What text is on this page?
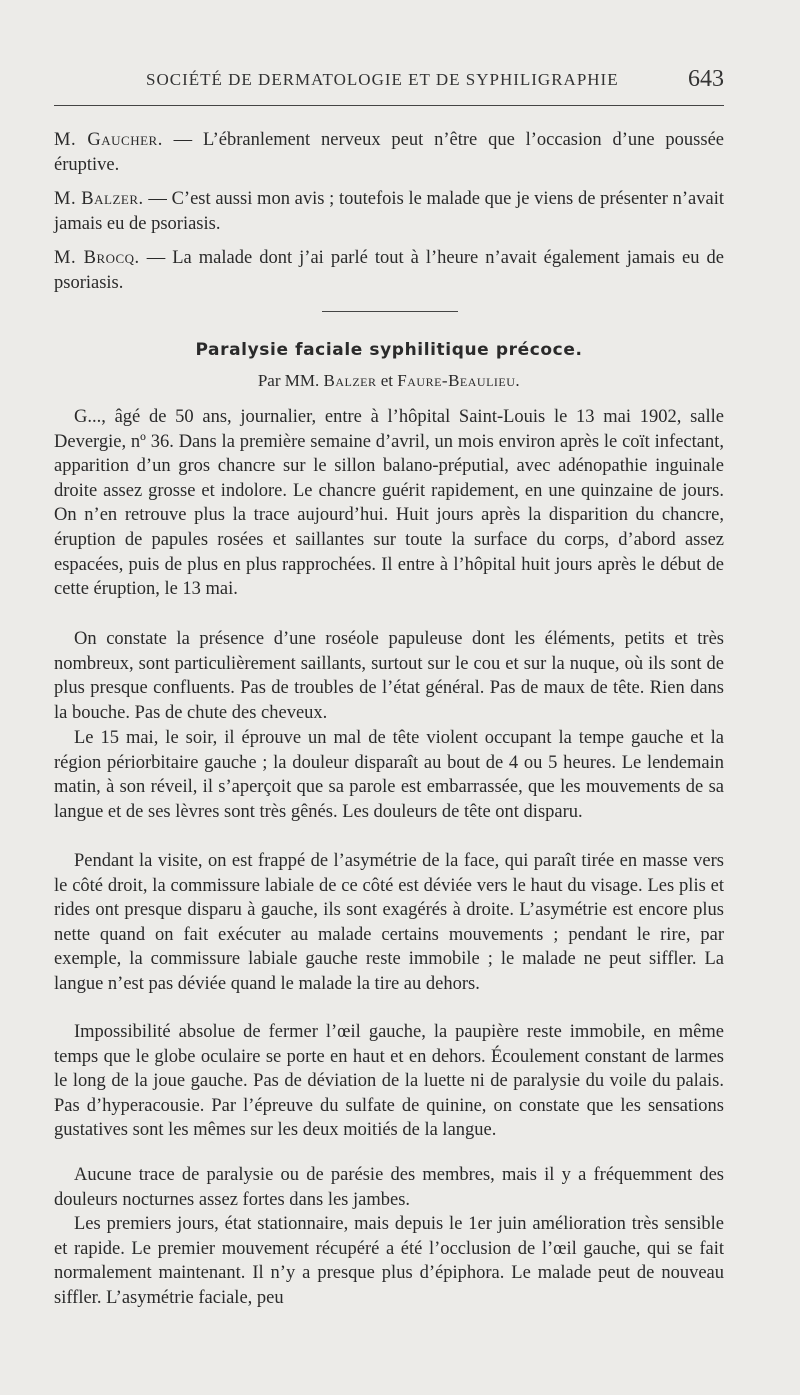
SOCIÉTÉ DE DERMATOLOGIE ET DE SYPHILIGRAPHIE	643
M. Gaucher. — L’ébranlement nerveux peut n’être que l’occasion d’une poussée éruptive.
M. Balzer. — C’est aussi mon avis ; toutefois le malade que je viens de présenter n’avait jamais eu de psoriasis.
M. Brocq. — La malade dont j’ai parlé tout à l’heure n’avait également jamais eu de psoriasis.
Paralysie faciale syphilitique précoce.
Par MM. Balzer et Faure-Beaulieu.
G..., âgé de 50 ans, journalier, entre à l’hôpital Saint-Louis le 13 mai 1902, salle Devergie, nº 36. Dans la première semaine d’avril, un mois environ après le coït infectant, apparition d’un gros chancre sur le sillon balano-préputial, avec adénopathie inguinale droite assez grosse et indolore. Le chancre guérit rapidement, en une quinzaine de jours. On n’en retrouve plus la trace aujourd’hui. Huit jours après la disparition du chancre, éruption de papules rosées et saillantes sur toute la surface du corps, d’abord assez espacées, puis de plus en plus rapprochées. Il entre à l’hôpital huit jours après le début de cette éruption, le 13 mai.
On constate la présence d’une roséole papuleuse dont les éléments, petits et très nombreux, sont particulièrement saillants, surtout sur le cou et sur la nuque, où ils sont de plus presque confluents. Pas de troubles de l’état général. Pas de maux de tête. Rien dans la bouche. Pas de chute des cheveux.
Le 15 mai, le soir, il éprouve un mal de tête violent occupant la tempe gauche et la région périorbitaire gauche ; la douleur disparaît au bout de 4 ou 5 heures. Le lendemain matin, à son réveil, il s’aperçoit que sa parole est embarrassée, que les mouvements de sa langue et de ses lèvres sont très gênés. Les douleurs de tête ont disparu.
Pendant la visite, on est frappé de l’asymétrie de la face, qui paraît tirée en masse vers le côté droit, la commissure labiale de ce côté est déviée vers le haut du visage. Les plis et rides ont presque disparu à gauche, ils sont exagérés à droite. L’asymétrie est encore plus nette quand on fait exécuter au malade certains mouvements ; pendant le rire, par exemple, la commissure labiale gauche reste immobile ; le malade ne peut siffler. La langue n’est pas déviée quand le malade la tire au dehors.
Impossibilité absolue de fermer l’œil gauche, la paupière reste immobile, en même temps que le globe oculaire se porte en haut et en dehors. Écoulement constant de larmes le long de la joue gauche. Pas de déviation de la luette ni de paralysie du voile du palais. Pas d’hyperacousie. Par l’épreuve du sulfate de quinine, on constate que les sensations gustatives sont les mêmes sur les deux moitiés de la langue.
Aucune trace de paralysie ou de parésie des membres, mais il y a fréquemment des douleurs nocturnes assez fortes dans les jambes.
Les premiers jours, état stationnaire, mais depuis le 1er juin amélioration très sensible et rapide. Le premier mouvement récupéré a été l’occlusion de l’œil gauche, qui se fait normalement maintenant. Il n’y a presque plus d’épiphora. Le malade peut de nouveau siffler. L’asymétrie faciale, peu
